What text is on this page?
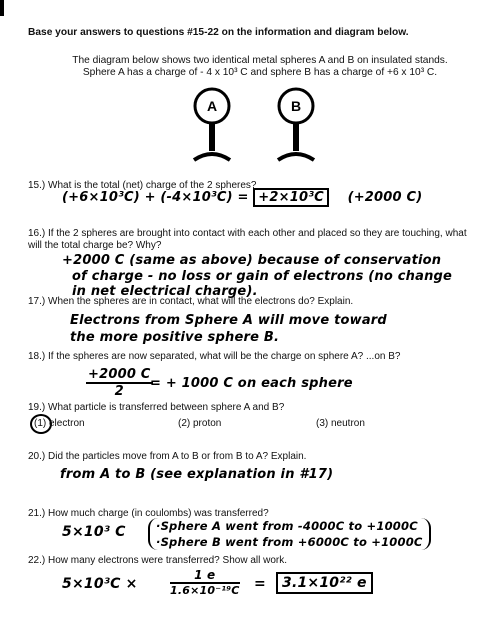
Base your answers to questions #15-22 on the information and diagram below.
The diagram below shows two identical metal spheres A and B on insulated stands.
Sphere A has a charge of - 4 x 10³ C and sphere B has a charge of +6 x 10³ C.
A	B
15.) What is the total (net) charge of the 2 spheres?
(+6×10³C) + (-4×10³C) = +2×10³C (+2000 C)
16.) If the 2 spheres are brought into contact with each other and placed so they are touching, what will the total charge be? Why?
+2000 C (same as above) because of conservation
of charge - no loss or gain of electrons (no change
in net electrical charge).
17.) When the spheres are in contact, what will the electrons do? Explain.
Electrons from Sphere A will move toward
the more positive sphere B.
18.) If the spheres are now separated, what will be the charge on sphere A? ...on B?
+2000 C
2
= + 1000 C on each sphere
19.) What particle is transferred between sphere A and B?
(1) electron	(2) proton	(3) neutron
20.) Did the particles move from A to B or from B to A? Explain.
from A to B (see explanation in #17)
21.) How much charge (in coulombs) was transferred?
5×10³ C	·Sphere A went from -4000C to +1000C
·Sphere B went from +6000C to +1000C
22.) How many electrons were transferred? Show all work.
5×10³C ×
1 e
1.6×10⁻¹⁹C =	3.1×10²² e
